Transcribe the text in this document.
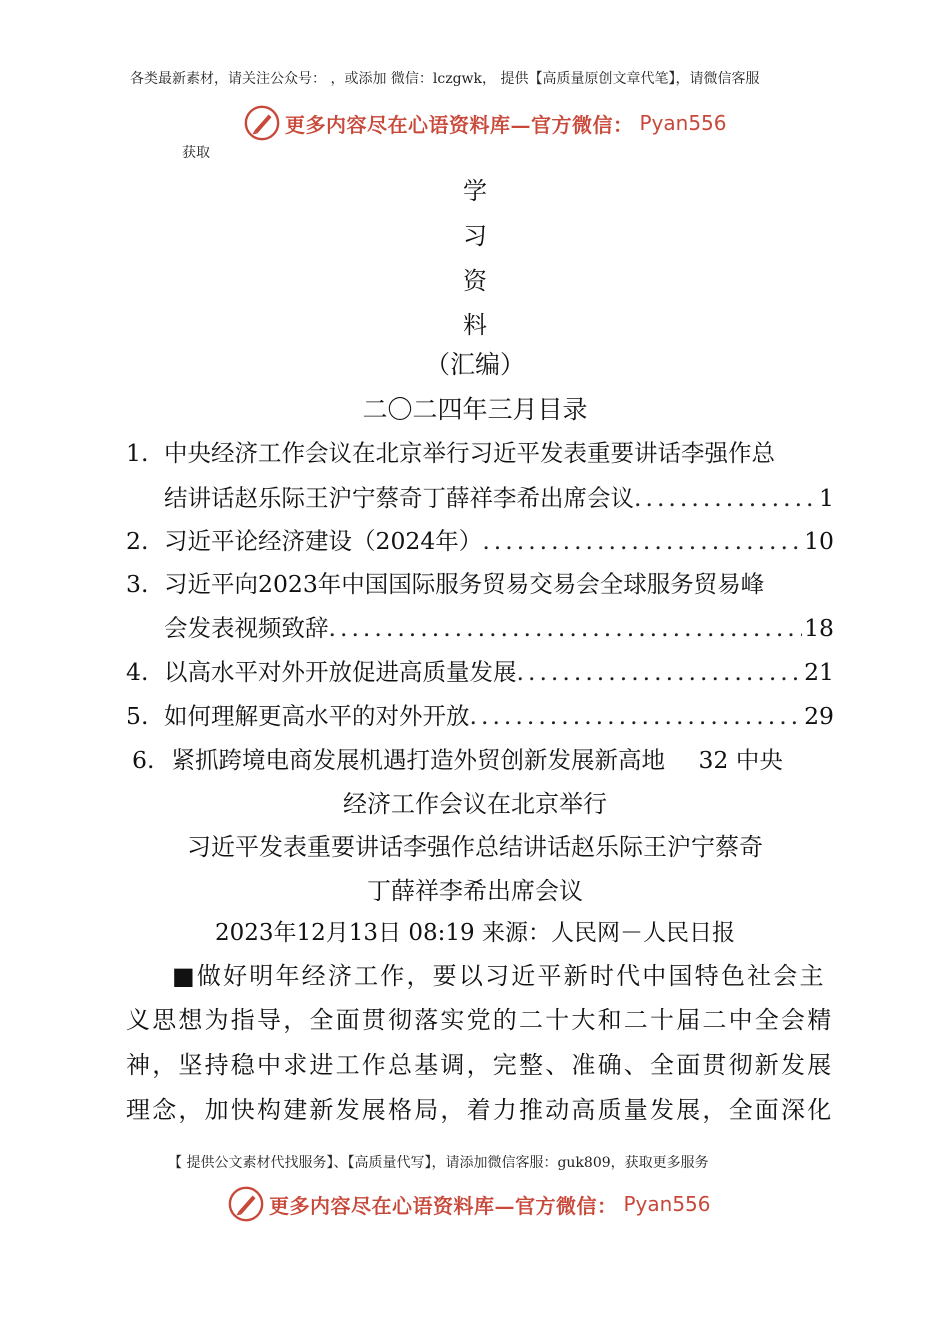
各类最新素材，请关注公众号： ，或添加 微信：lczgwk， 提供【高质量原创文章代笔】，请微信客服
更多内容尽在心语资料库—官方微信： Pyan556
获取
学
习
资
料
（汇编）
二〇二四年三月目录
1. 中央经济工作会议在北京举行习近平发表重要讲话李强作总
结讲话赵乐际王沪宁蔡奇丁薛祥李希出席会议 .....	1
2. 习近平论经济建设（2024年） .....	10
3. 习近平向2023年中国国际服务贸易交易会全球服务贸易峰
会发表视频致辞 .....	18
4. 以高水平对外开放促进高质量发展 .....	21
5. 如何理解更高水平的对外开放 .....	29
6. 紧抓跨境电商发展机遇打造外贸创新发展新高地 32 中央
经济工作会议在北京举行
习近平发表重要讲话李强作总结讲话赵乐际王沪宁蔡奇
丁薛祥李希出席会议
2023年12月13日 08:19 来源：人民网－人民日报
■做好明年经济工作，要以习近平新时代中国特色社会主
义思想为指导，全面贯彻落实党的二十大和二十届二中全会精
神，坚持稳中求进工作总基调，完整、准确、全面贯彻新发展
理念，加快构建新发展格局，着力推动高质量发展，全面深化
【 提供公文素材代找服务】、【高质量代写】，请添加微信客服：guk809，获取更多服务
更多内容尽在心语资料库—官方微信： Pyan556
